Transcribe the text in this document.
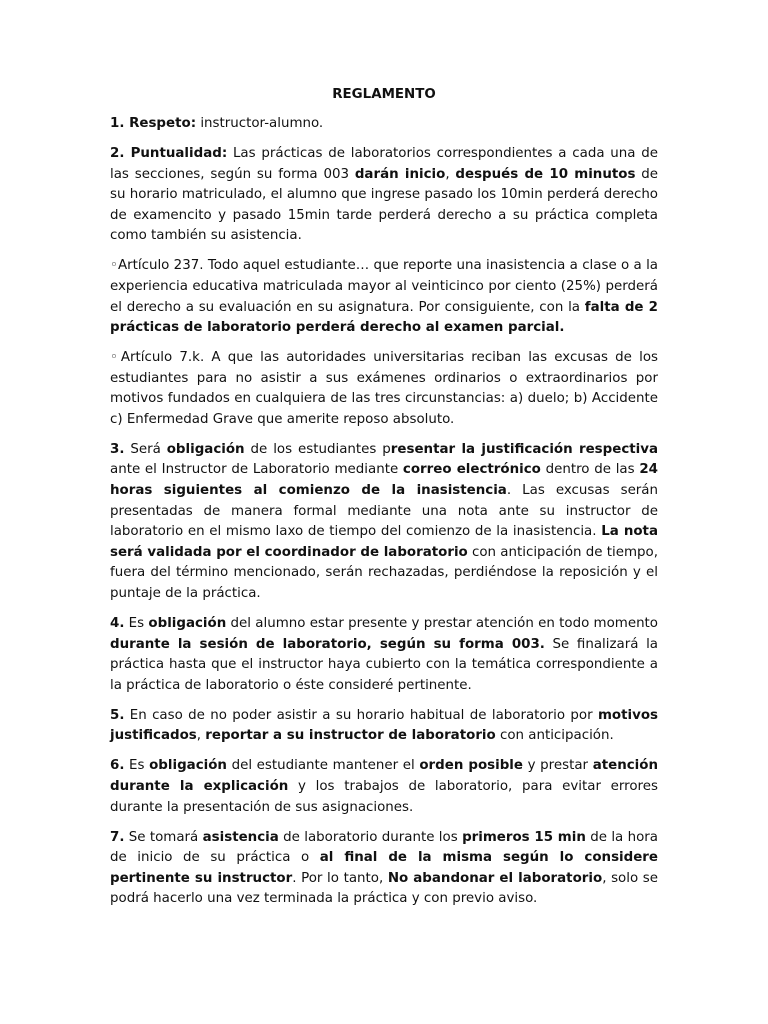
REGLAMENTO

1. Respeto: instructor-alumno.

2. Puntualidad: Las prácticas de laboratorios correspondientes a cada una de las secciones, según su forma 003 darán inicio, después de 10 minutos de su horario matriculado, el alumno que ingrese pasado los 10min perderá derecho de examencito y pasado 15min tarde perderá derecho a su práctica completa como también su asistencia.

◦Artículo 237. Todo aquel estudiante… que reporte una inasistencia a clase o a la experiencia educativa matriculada mayor al veinticinco por ciento (25%) perderá el derecho a su evaluación en su asignatura. Por consiguiente, con la falta de 2 prácticas de laboratorio perderá derecho al examen parcial.

◦Artículo 7.k. A que las autoridades universitarias reciban las excusas de los estudiantes para no asistir a sus exámenes ordinarios o extraordinarios por motivos fundados en cualquiera de las tres circunstancias: a) duelo; b) Accidente c) Enfermedad Grave que amerite reposo absoluto.

3. Será obligación de los estudiantes presentar la justificación respectiva ante el Instructor de Laboratorio mediante correo electrónico dentro de las 24 horas siguientes al comienzo de la inasistencia. Las excusas serán presentadas de manera formal mediante una nota ante su instructor de laboratorio en el mismo laxo de tiempo del comienzo de la inasistencia. La nota será validada por el coordinador de laboratorio con anticipación de tiempo, fuera del término mencionado, serán rechazadas, perdiéndose la reposición y el puntaje de la práctica.

4. Es obligación del alumno estar presente y prestar atención en todo momento durante la sesión de laboratorio, según su forma 003. Se finalizará la práctica hasta que el instructor haya cubierto con la temática correspondiente a la práctica de laboratorio o éste consideré pertinente.

5. En caso de no poder asistir a su horario habitual de laboratorio por motivos justificados, reportar a su instructor de laboratorio con anticipación.

6. Es obligación del estudiante mantener el orden posible y prestar atención durante la explicación y los trabajos de laboratorio, para evitar errores durante la presentación de sus asignaciones.

7. Se tomará asistencia de laboratorio durante los primeros 15 min de la hora de inicio de su práctica o al final de la misma según lo considere pertinente su instructor. Por lo tanto, No abandonar el laboratorio, solo se podrá hacerlo una vez terminada la práctica y con previo aviso.
